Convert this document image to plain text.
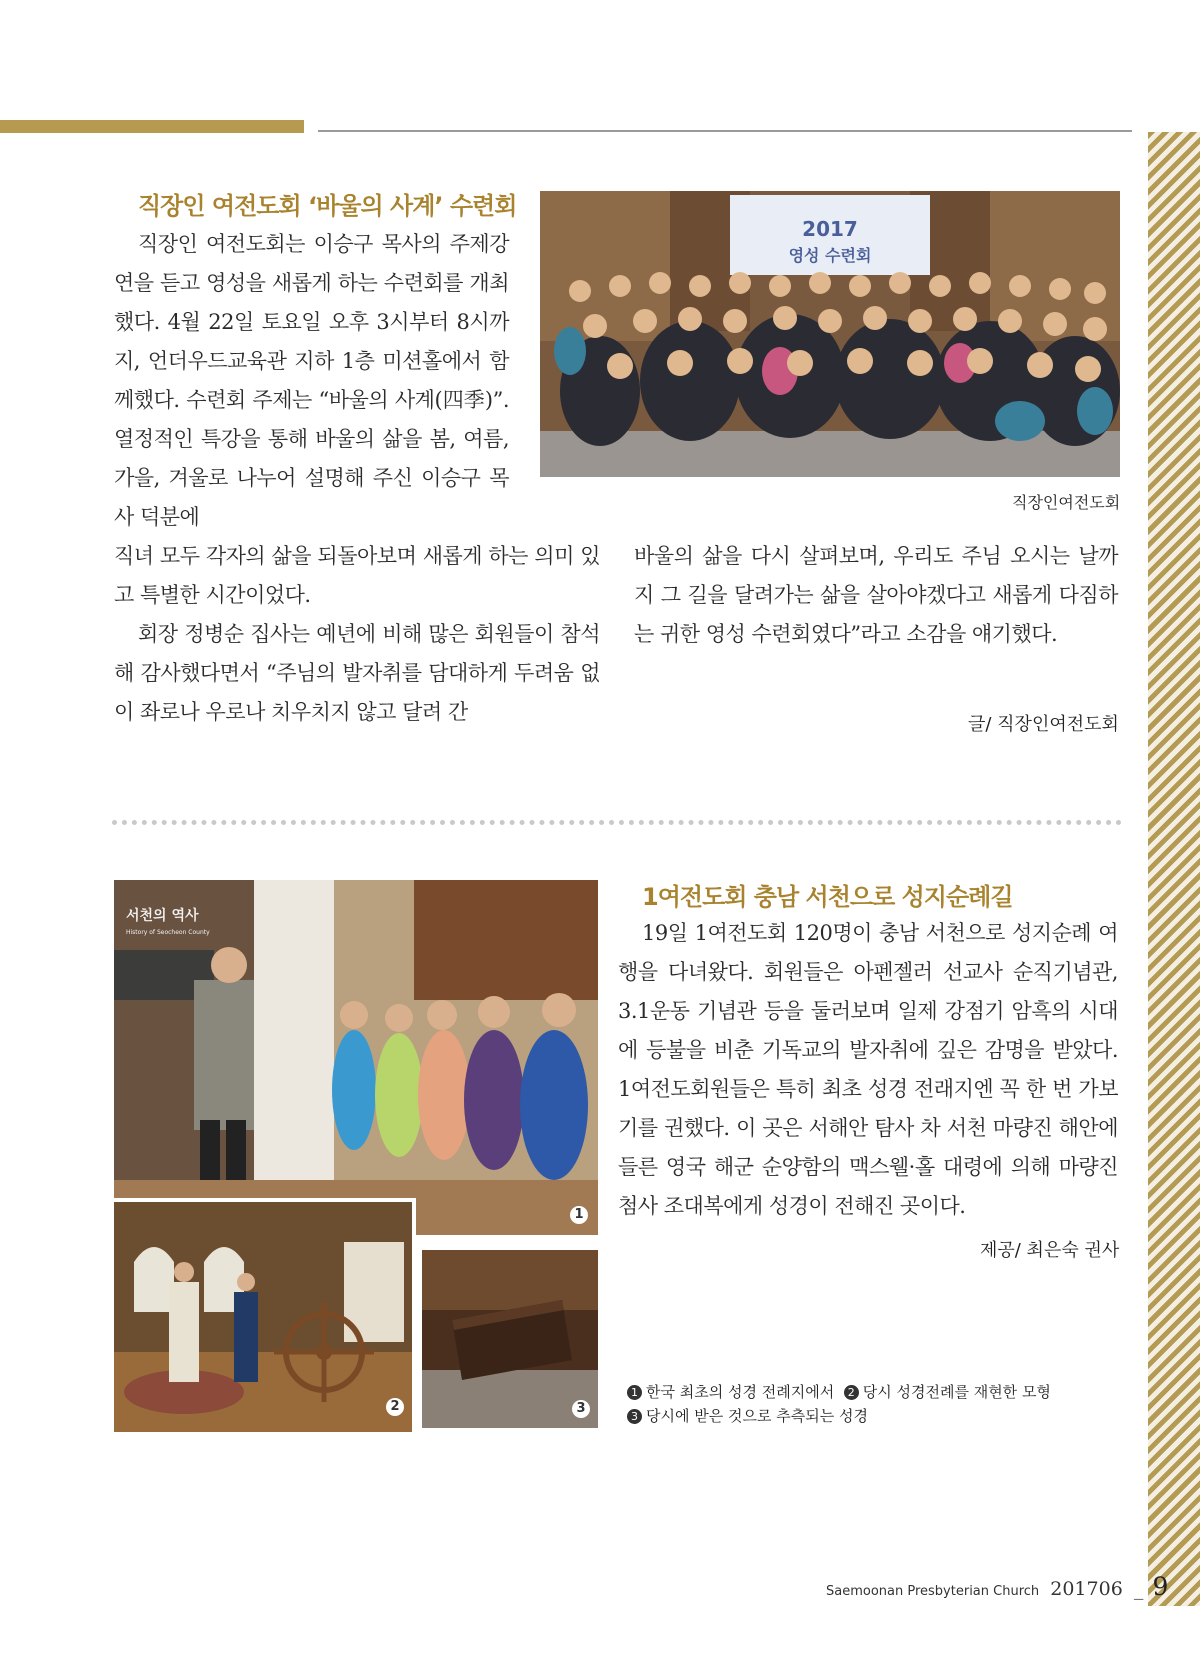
직장인 여전도회 ‘바울의 사계’ 수련회

직장인 여전도회는 이승구 목사의 주제강연을 듣고 영성을 새롭게 하는 수련회를 개최했다. 4월 22일 토요일 오후 3시부터 8시까지, 언더우드교육관 지하 1층 미션홀에서 함께했다. 수련회 주제는 “바울의 사계(四季)”. 열정적인 특강을 통해 바울의 삶을 봄, 여름, 가을, 겨울로 나누어 설명해 주신 이승구 목사 덕분에

직녀 모두 각자의 삶을 되돌아보며 새롭게 하는 의미 있고 특별한 시간이었다.

회장 정병순 집사는 예년에 비해 많은 회원들이 참석해 감사했다면서 “주님의 발자취를 담대하게 두려움 없이 좌로나 우로나 치우치지 않고 달려 간

바울의 삶을 다시 살펴보며, 우리도 주님 오시는 날까지 그 길을 달려가는 삶을 살아야겠다고 새롭게 다짐하는 귀한 영성 수련회였다”라고 소감을 얘기했다.

2017
영성 수련회
직장인여전도회
글/ 직장인여전도회
서천의 역사
History of Seocheon County
1
2	3
1여전도회 충남 서천으로 성지순례길

19일 1여전도회 120명이 충남 서천으로 성지순례 여행을 다녀왔다. 회원들은 아펜젤러 선교사 순직기념관, 3.1운동 기념관 등을 둘러보며 일제 강점기 암흑의 시대에 등불을 비춘 기독교의 발자취에 깊은 감명을 받았다. 1여전도회원들은 특히 최초 성경 전래지엔 꼭 한 번 가보기를 권했다. 이 곳은 서해안 탐사 차 서천 마량진 해안에 들른 영국 해군 순양함의 맥스웰·홀 대령에 의해 마량진 첨사 조대복에게 성경이 전해진 곳이다.

제공/ 최은숙 권사
1 한국 최초의 성경 전례지에서 2 당시 성경전례를 재현한 모형
3 당시에 받은 것으로 추측되는 성경
Saemoonan Presbyterian Church 201706 _ 9
